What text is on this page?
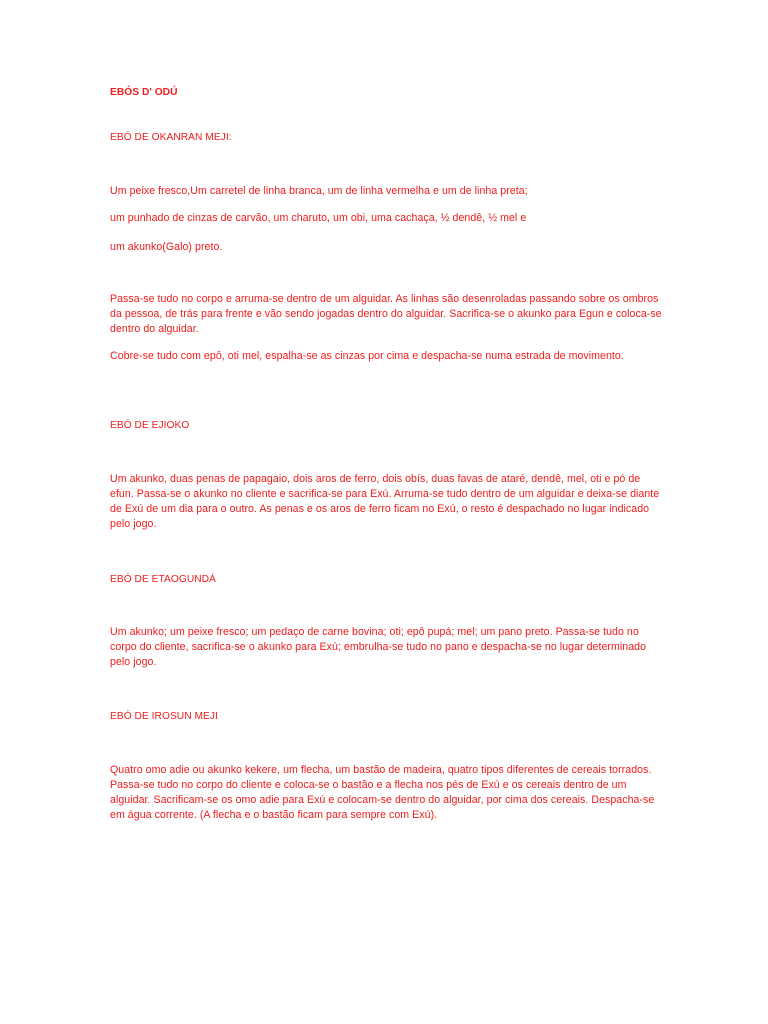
EBÓS D' ODÚ

EBÓ DE OKANRAN MEJI:

Um peixe fresco,Um carretel de linha branca, um de linha vermelha e um de linha preta;

um punhado de cinzas de carvão, um charuto, um obi, uma cachaça, ½ dendê, ½ mel e

um akunko(Galo) preto.

Passa-se tudo no corpo e arruma-se dentro de um alguidar. As linhas são desenroladas passando sobre os ombros da pessoa, de trás para frente e vão sendo jogadas dentro do alguidar. Sacrifica-se o akunko para Egun e coloca-se dentro do alguidar.

Cobre-se tudo com epô, oti mel, espalha-se as cinzas por cima e despacha-se numa estrada de movimento.

EBÓ DE EJIOKO

Um akunko, duas penas de papagaio, dois aros de ferro, dois obís, duas favas de ataré, dendê, mel, oti e pó de efun. Passa-se o akunko no cliente e sacrifica-se para Exú. Arruma-se tudo dentro de um alguidar e deixa-se diante de Exú de um dia para o outro. As penas e os aros de ferro ficam no Exú, o resto é despachado no lugar indicado pelo jogo.

EBÓ DE ETAOGUNDÁ

Um akunko; um peixe fresco; um pedaço de carne bovina; oti; epô pupá; mel; um pano preto. Passa-se tudo no corpo do cliente, sacrifica-se o akunko para Exú; embrulha-se tudo no pano e despacha-se no lugar determinado pelo jogo.

EBÓ DE IROSUN MEJI

Quatro omo adie ou akunko kekere, um flecha, um bastão de madeira, quatro tipos diferentes de cereais torrados. Passa-se tudo no corpo do cliente e coloca-se o bastão e a flecha nos pés de Exú e os cereais dentro de um alguidar. Sacrificam-se os omo adie para Exú e colocam-se dentro do alguidar, por cima dos cereais. Despacha-se em água corrente. (A flecha e o bastão ficam para sempre com Exú).
